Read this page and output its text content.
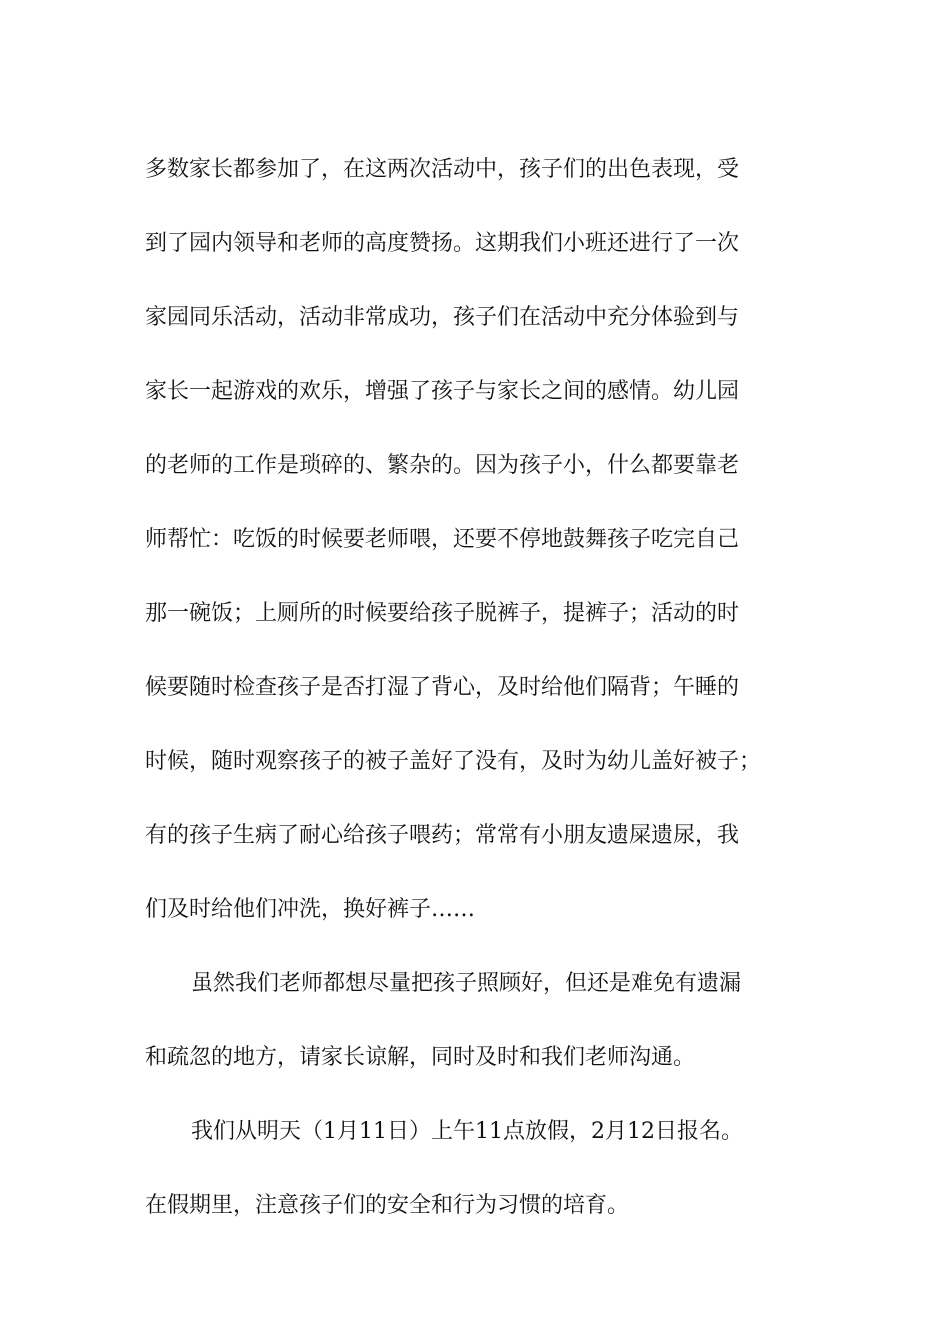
多数家长都参加了，在这两次活动中，孩子们的出色表现，受
到了园内领导和老师的高度赞扬。这期我们小班还进行了一次
家园同乐活动，活动非常成功，孩子们在活动中充分体验到与
家长一起游戏的欢乐，增强了孩子与家长之间的感情。幼儿园
的老师的工作是琐碎的、繁杂的。因为孩子小，什么都要靠老
师帮忙：吃饭的时候要老师喂，还要不停地鼓舞孩子吃完自己
那一碗饭；上厕所的时候要给孩子脱裤子，提裤子；活动的时
候要随时检查孩子是否打湿了背心，及时给他们隔背；午睡的
时候，随时观察孩子的被子盖好了没有，及时为幼儿盖好被子；
有的孩子生病了耐心给孩子喂药；常常有小朋友遗屎遗尿，我
们及时给他们冲洗，换好裤子……
虽然我们老师都想尽量把孩子照顾好，但还是难免有遗漏
和疏忽的地方，请家长谅解，同时及时和我们老师沟通。
我们从明天（1月11日）上午11点放假，2月12日报名。
在假期里，注意孩子们的安全和行为习惯的培育。
